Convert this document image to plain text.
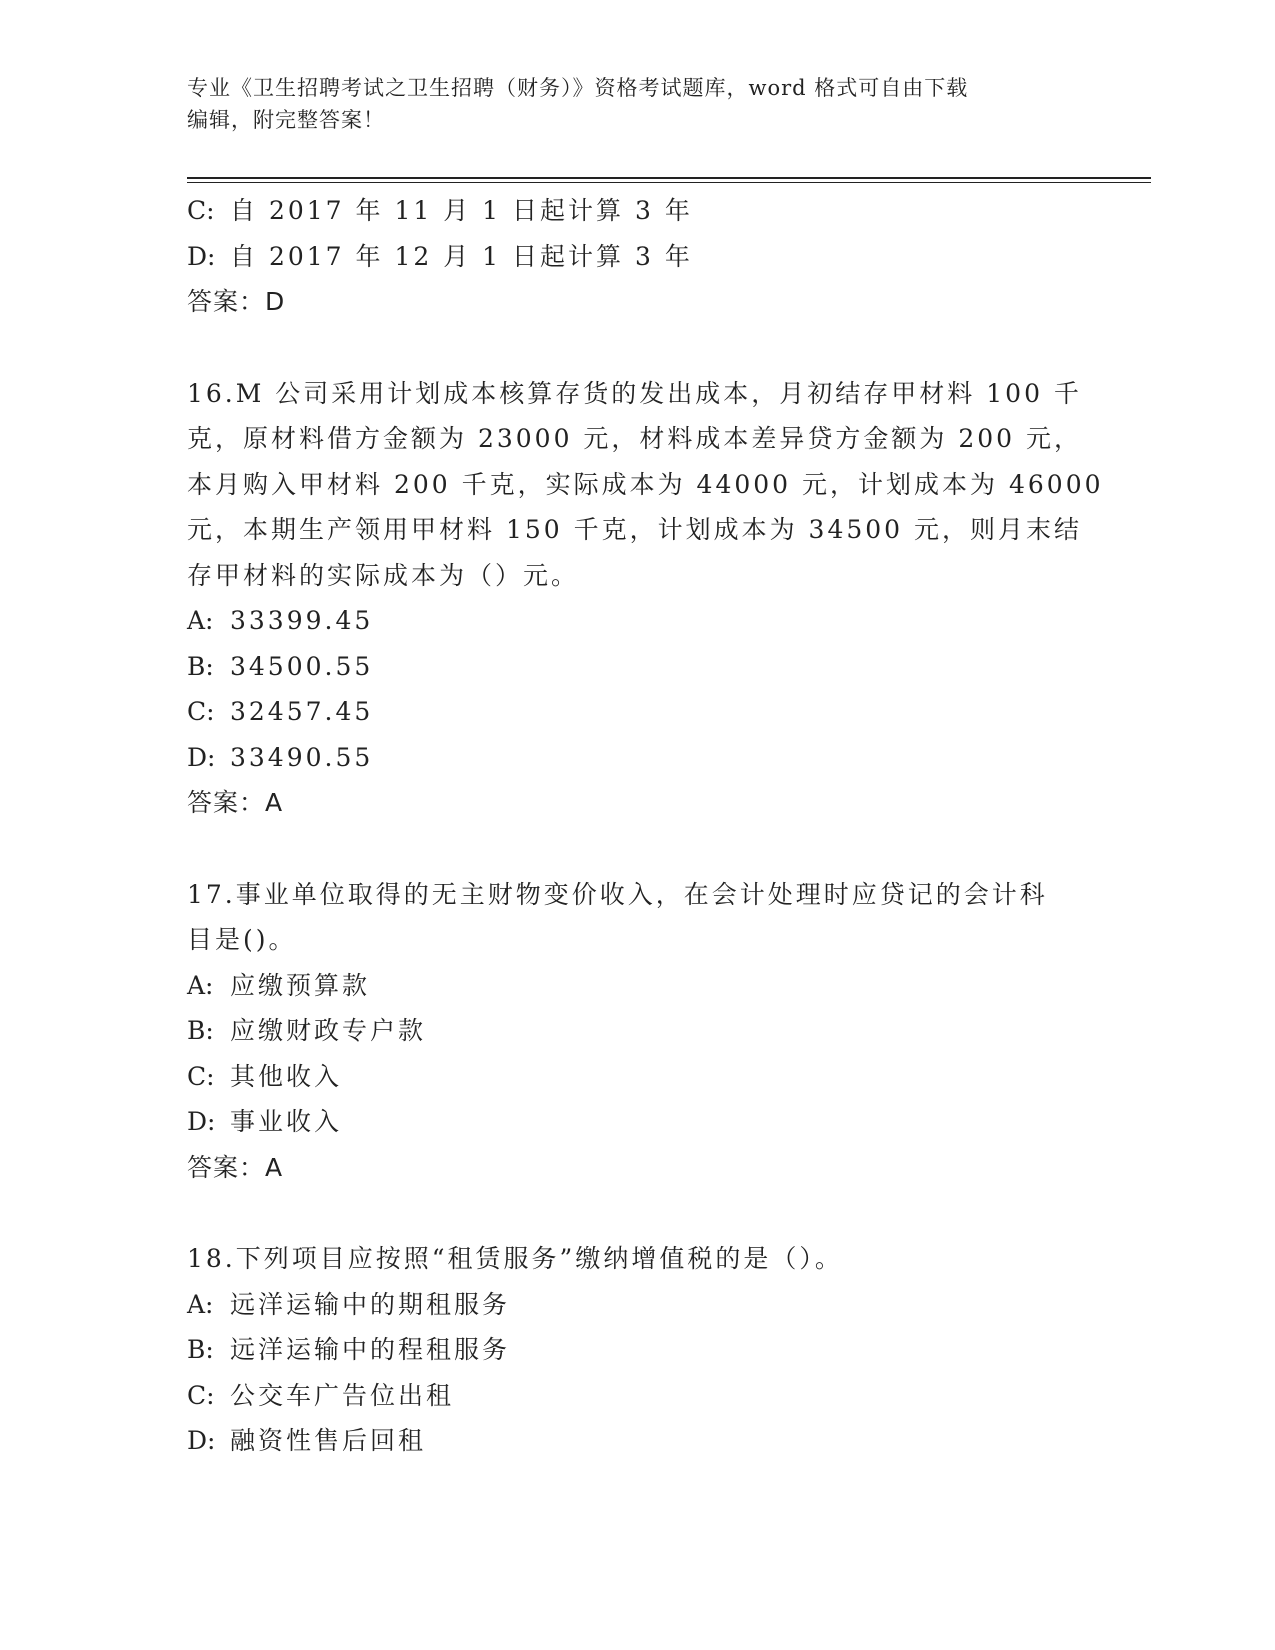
专业《卫生招聘考试之卫生招聘（财务）》资格考试题库，word 格式可自由下载
编辑，附完整答案！
C: 自 2017 年 11 月 1 日起计算 3 年
D: 自 2017 年 12 月 1 日起计算 3 年
答案：D
16.M 公司采用计划成本核算存货的发出成本，月初结存甲材料 100 千
克，原材料借方金额为 23000 元，材料成本差异贷方金额为 200 元，
本月购入甲材料 200 千克，实际成本为 44000 元，计划成本为 46000
元，本期生产领用甲材料 150 千克，计划成本为 34500 元，则月末结
存甲材料的实际成本为（）元。
A: 33399.45
B: 34500.55
C: 32457.45
D: 33490.55
答案：A
17.事业单位取得的无主财物变价收入，在会计处理时应贷记的会计科
目是()。
A: 应缴预算款
B: 应缴财政专户款
C: 其他收入
D: 事业收入
答案：A
18.下列项目应按照“租赁服务”缴纳增值税的是（）。
A: 远洋运输中的期租服务
B: 远洋运输中的程租服务
C: 公交车广告位出租
D: 融资性售后回租
